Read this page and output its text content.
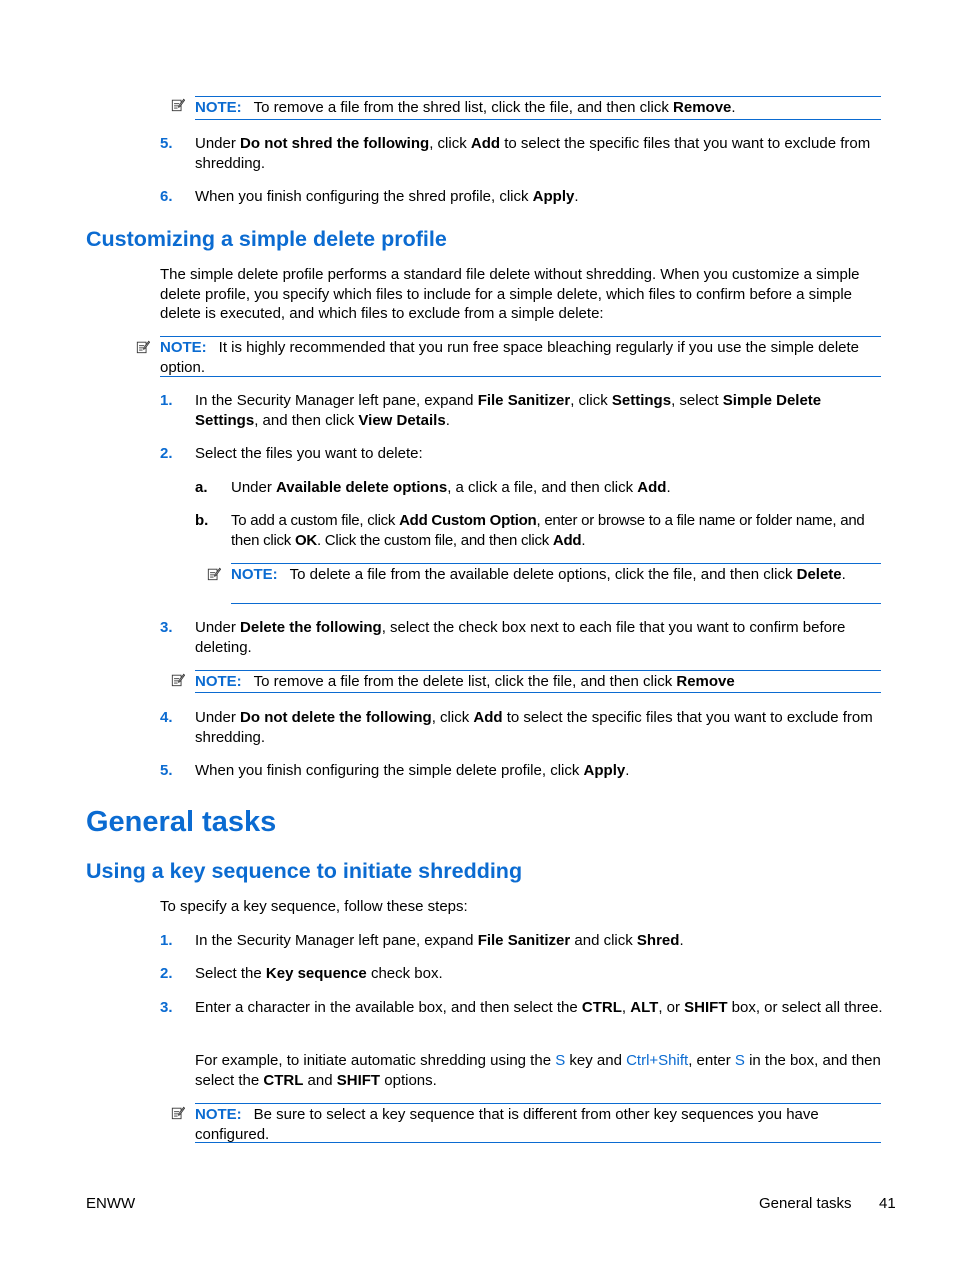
NOTE: To remove a file from the shred list, click the file, and then click Remove.
5. Under Do not shred the following, click Add to select the specific files that you want to exclude from shredding.
6. When you finish configuring the shred profile, click Apply.
Customizing a simple delete profile
The simple delete profile performs a standard file delete without shredding. When you customize a simple delete profile, you specify which files to include for a simple delete, which files to confirm before a simple delete is executed, and which files to exclude from a simple delete:
NOTE: It is highly recommended that you run free space bleaching regularly if you use the simple delete option.
1. In the Security Manager left pane, expand File Sanitizer, click Settings, select Simple Delete Settings, and then click View Details.
2. Select the files you want to delete:
a. Under Available delete options, a click a file, and then click Add.
b. To add a custom file, click Add Custom Option, enter or browse to a file name or folder name, and then click OK. Click the custom file, and then click Add.
NOTE: To delete a file from the available delete options, click the file, and then click Delete.
3. Under Delete the following, select the check box next to each file that you want to confirm before deleting.
NOTE: To remove a file from the delete list, click the file, and then click Remove
4. Under Do not delete the following, click Add to select the specific files that you want to exclude from shredding.
5. When you finish configuring the simple delete profile, click Apply.
General tasks
Using a key sequence to initiate shredding
To specify a key sequence, follow these steps:
1. In the Security Manager left pane, expand File Sanitizer and click Shred.
2. Select the Key sequence check box.
3. Enter a character in the available box, and then select the CTRL, ALT, or SHIFT box, or select all three.
For example, to initiate automatic shredding using the S key and Ctrl+Shift, enter S in the box, and then select the CTRL and SHIFT options.
NOTE: Be sure to select a key sequence that is different from other key sequences you have configured.
ENWW	General tasks 41
